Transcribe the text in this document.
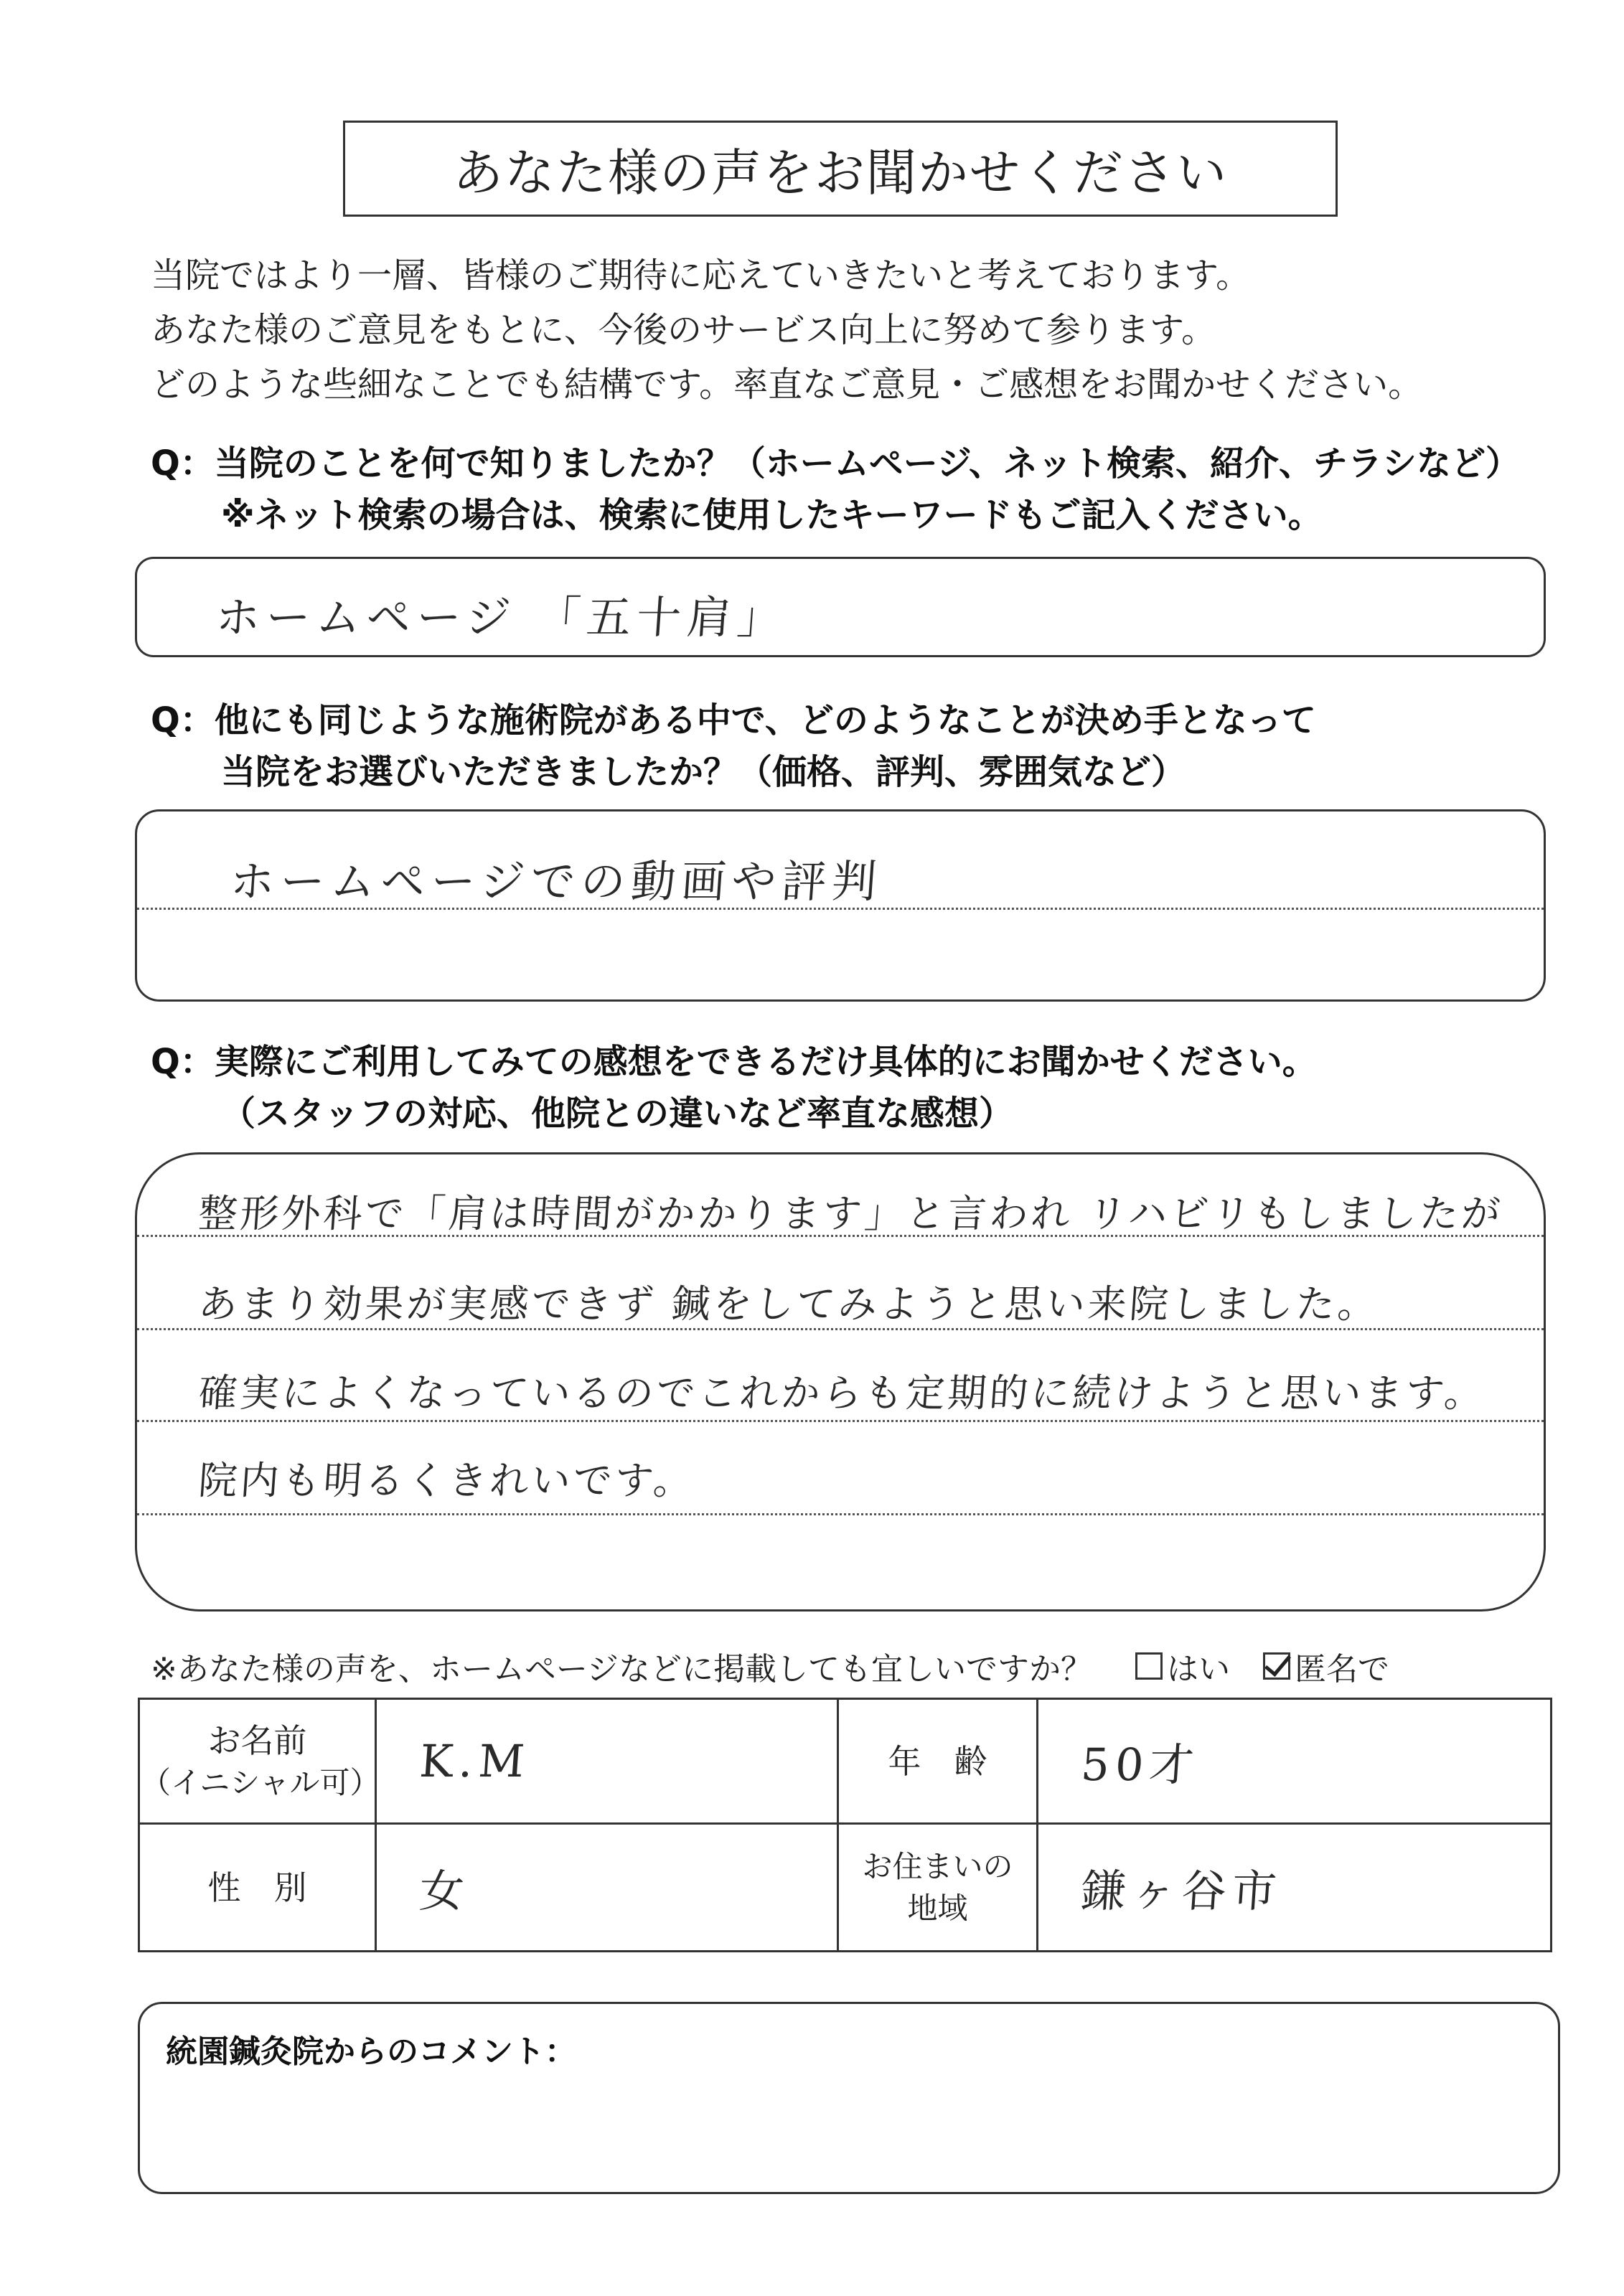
あなた様の声をお聞かせください
当院ではより一層、皆様のご期待に応えていきたいと考えております。
あなた様のご意見をもとに、今後のサービス向上に努めて参ります。
どのような些細なことでも結構です。率直なご意見・ご感想をお聞かせください。
Q：当院のことを何で知りましたか？（ホームページ、ネット検索、紹介、チラシなど）
※ネット検索の場合は、検索に使用したキーワードもご記入ください。
ホームページ 「五十肩」
Q：他にも同じような施術院がある中で、どのようなことが決め手となって
当院をお選びいただきましたか？（価格、評判、雰囲気など）
ホームページでの動画や評判
Q：実際にご利用してみての感想をできるだけ具体的にお聞かせください。
（スタッフの対応、他院との違いなど率直な感想）
整形外科で「肩は時間がかかります」と言われ リハビリもしましたが
あまり効果が実感できず 鍼をしてみようと思い来院しました。
確実によくなっているのでこれからも定期的に続けようと思います。
院内も明るくきれいです。
※あなた様の声を、ホームページなどに掲載しても宜しいですか？ はい 匿名で
お名前
（イニシャル可）	K.M	年　齢	50才

性　別	女	お住まいの
地域	鎌ヶ谷市
統園鍼灸院からのコメント：
